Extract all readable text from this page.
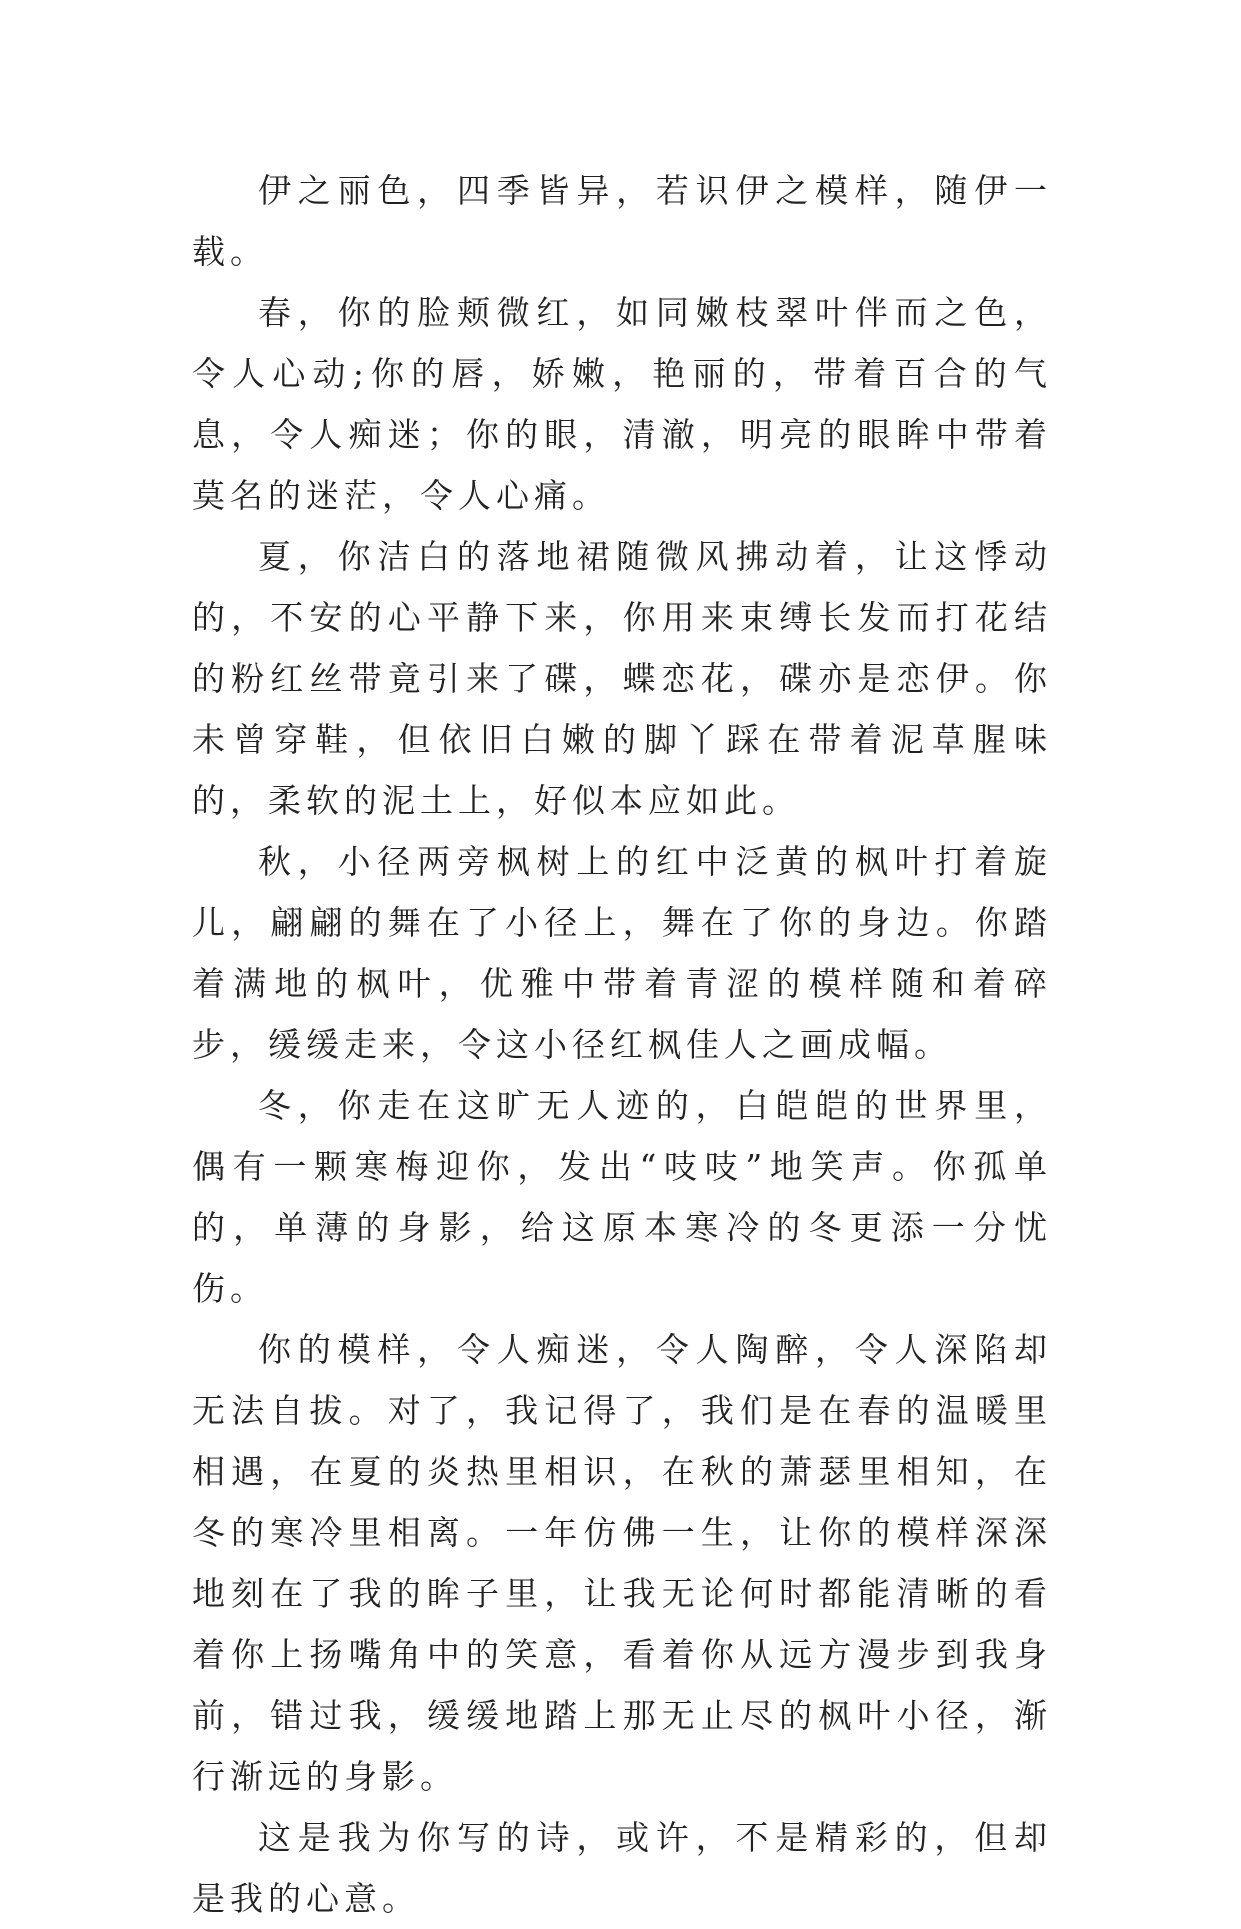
伊之丽色，四季皆异，若识伊之模样，随伊一载。

春，你的脸颊微红，如同嫩枝翠叶伴而之色，令人心动;你的唇，娇嫩，艳丽的，带着百合的气息，令人痴迷；你的眼，清澈，明亮的眼眸中带着莫名的迷茫，令人心痛。

夏，你洁白的落地裙随微风拂动着，让这悸动的，不安的心平静下来，你用来束缚长发而打花结的粉红丝带竟引来了碟，蝶恋花，碟亦是恋伊。你未曾穿鞋，但依旧白嫩的脚丫踩在带着泥草腥味的，柔软的泥土上，好似本应如此。

秋，小径两旁枫树上的红中泛黄的枫叶打着旋儿，翩翩的舞在了小径上，舞在了你的身边。你踏着满地的枫叶，优雅中带着青涩的模样随和着碎步，缓缓走来，令这小径红枫佳人之画成幅。

冬，你走在这旷无人迹的，白皑皑的世界里，偶有一颗寒梅迎你，发出“吱吱”地笑声。你孤单的，单薄的身影，给这原本寒冷的冬更添一分忧伤。

你的模样，令人痴迷，令人陶醉，令人深陷却无法自拔。对了，我记得了，我们是在春的温暖里相遇，在夏的炎热里相识，在秋的萧瑟里相知，在冬的寒冷里相离。一年仿佛一生，让你的模样深深地刻在了我的眸子里，让我无论何时都能清晰的看着你上扬嘴角中的笑意，看着你从远方漫步到我身前，错过我，缓缓地踏上那无止尽的枫叶小径，渐行渐远的身影。

这是我为你写的诗，或许，不是精彩的，但却是我的心意。
